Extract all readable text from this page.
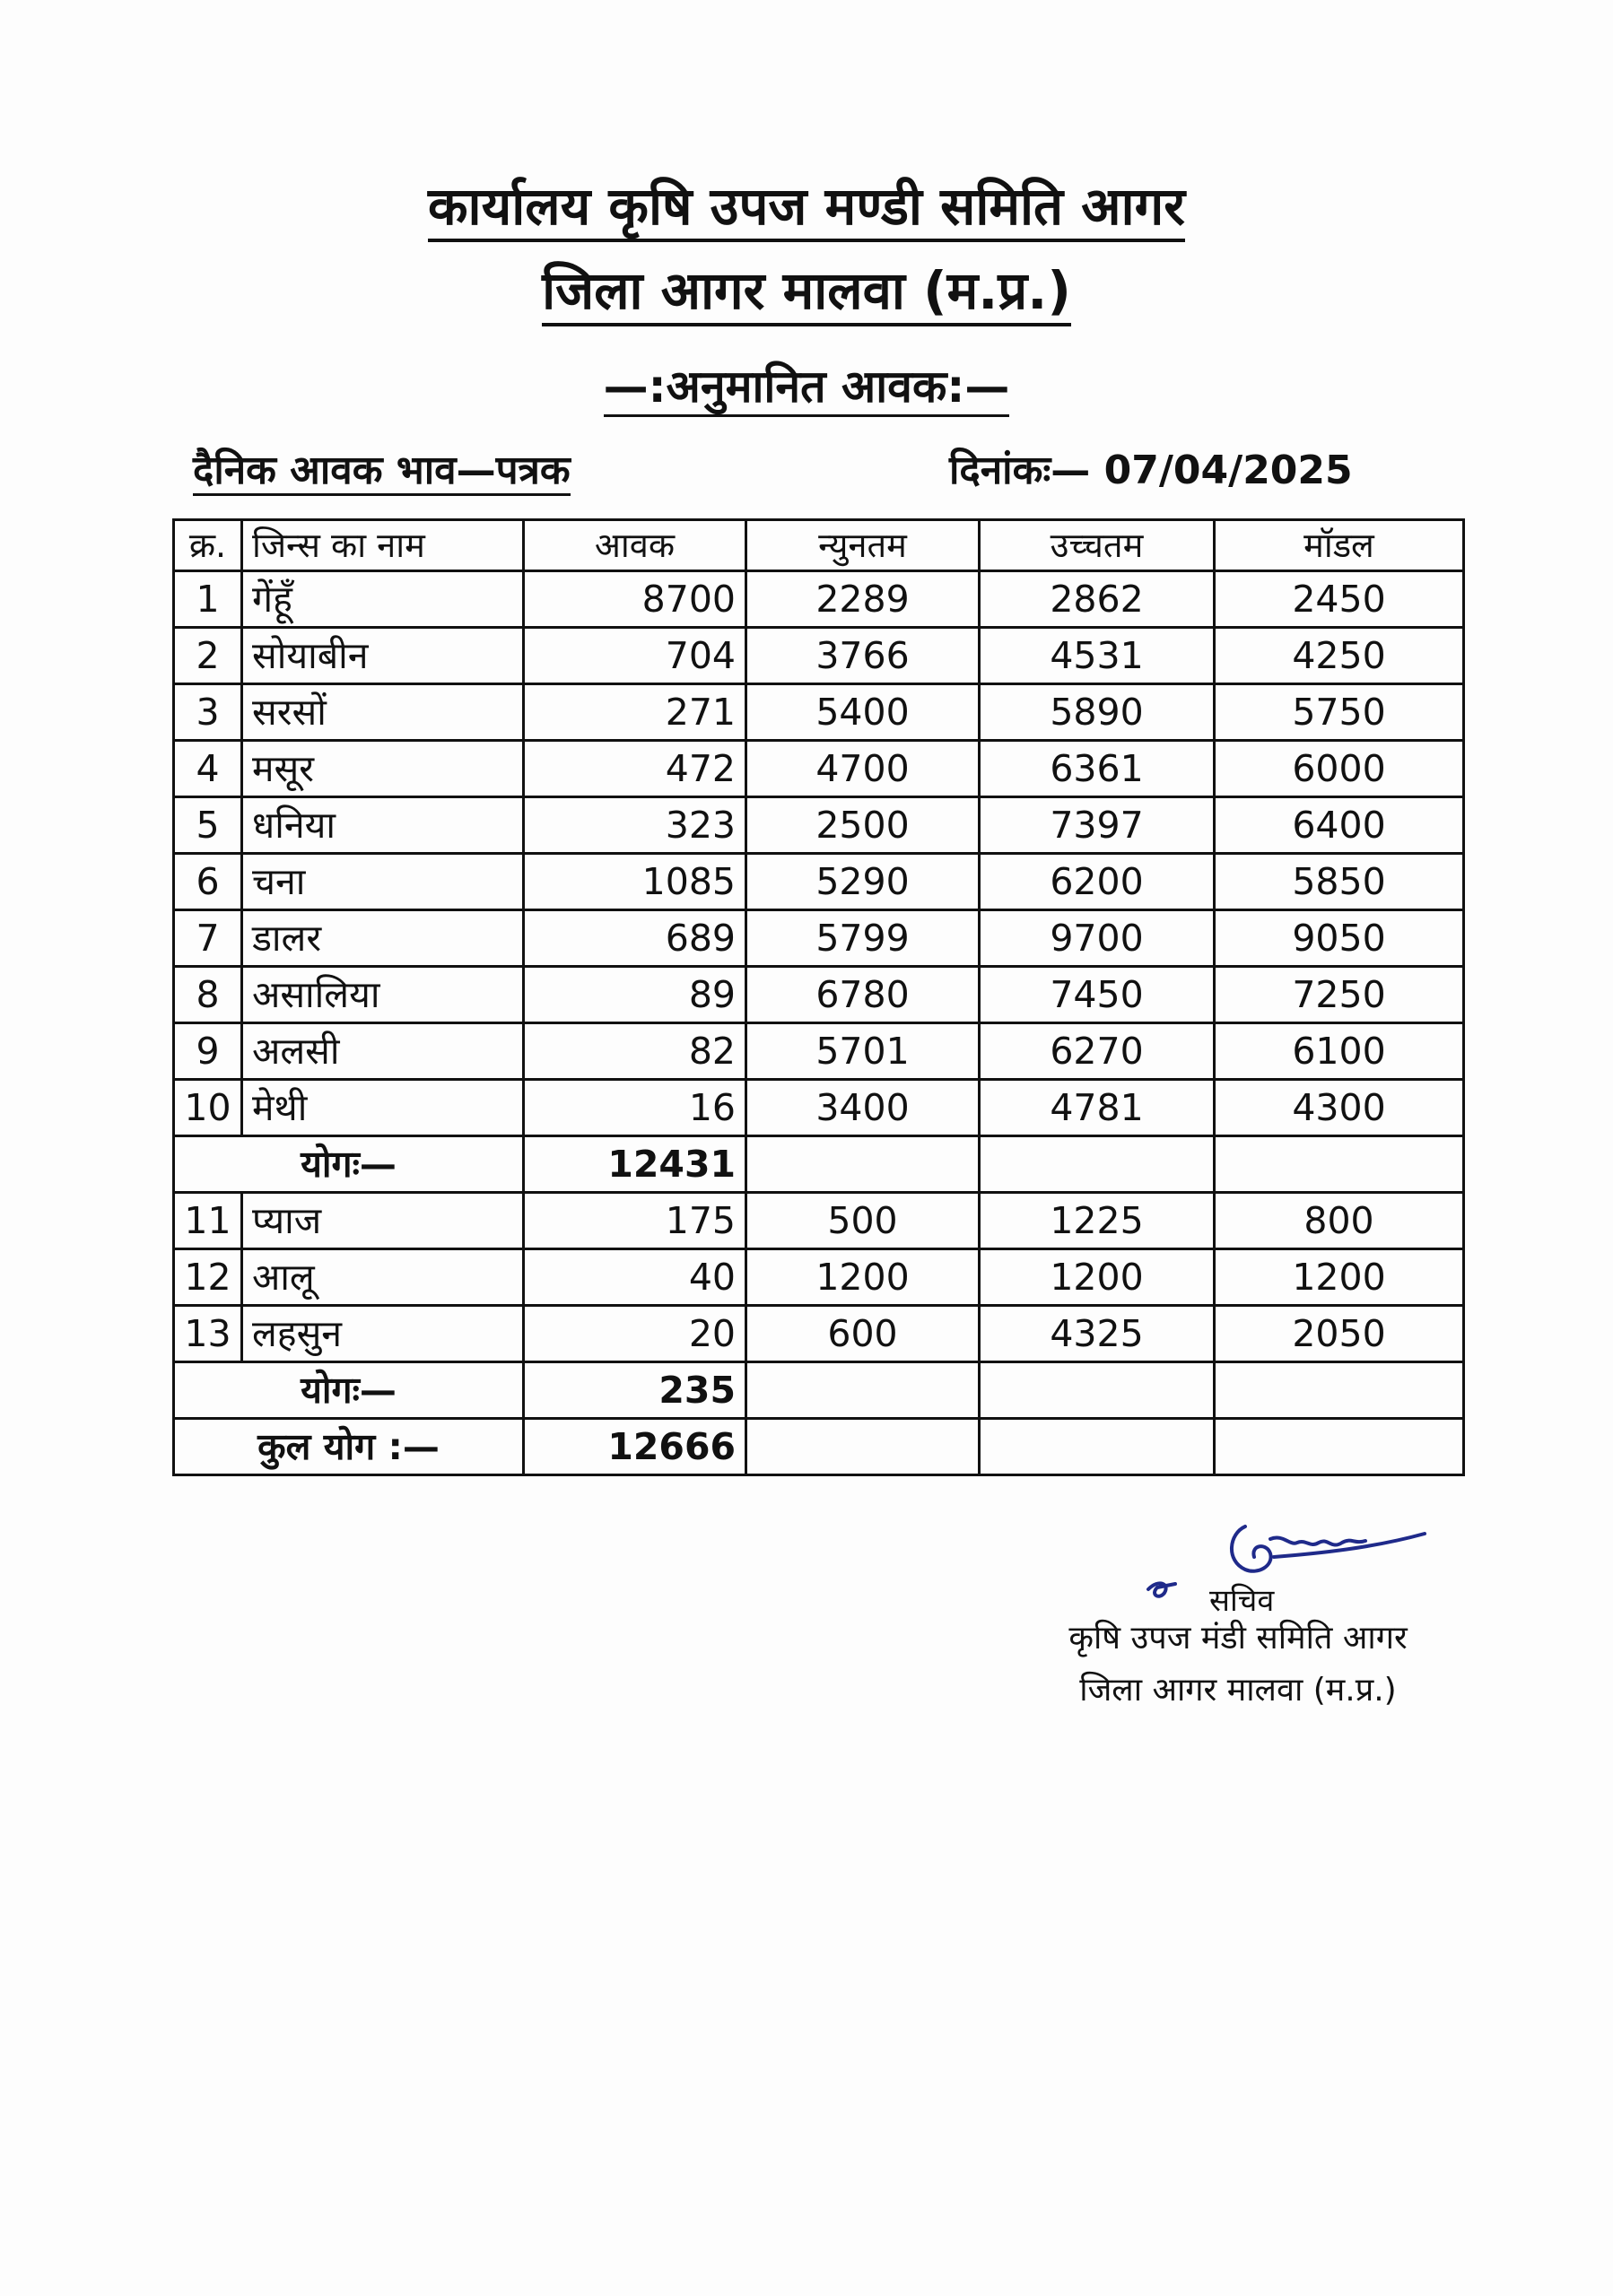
कार्यालय कृषि उपज मण्डी समिति आगर
जिला आगर मालवा (म.प्र.)
—:अनुमानित आवक:—
दैनिक आवक भाव—पत्रक	दिनांकः— 07/04/2025
क्र.	जिन्स का नाम	आवक	न्युनतम	उच्चतम	मॉडल
1	गेंहूँ	8700	2289	2862	2450
2	सोयाबीन	704	3766	4531	4250
3	सरसों	271	5400	5890	5750
4	मसूर	472	4700	6361	6000
5	धनिया	323	2500	7397	6400
6	चना	1085	5290	6200	5850
7	डालर	689	5799	9700	9050
8	असालिया	89	6780	7450	7250
9	अलसी	82	5701	6270	6100
10	मेथी	16	3400	4781	4300
योगः—		12431			
11	प्याज	175	500	1225	800
12	आलू	40	1200	1200	1200
13	लहसुन	20	600	4325	2050
योगः—		235			
कुल योग :—		12666			
सचिव
कृषि उपज मंडी समिति आगर
जिला आगर मालवा (म.प्र.)
